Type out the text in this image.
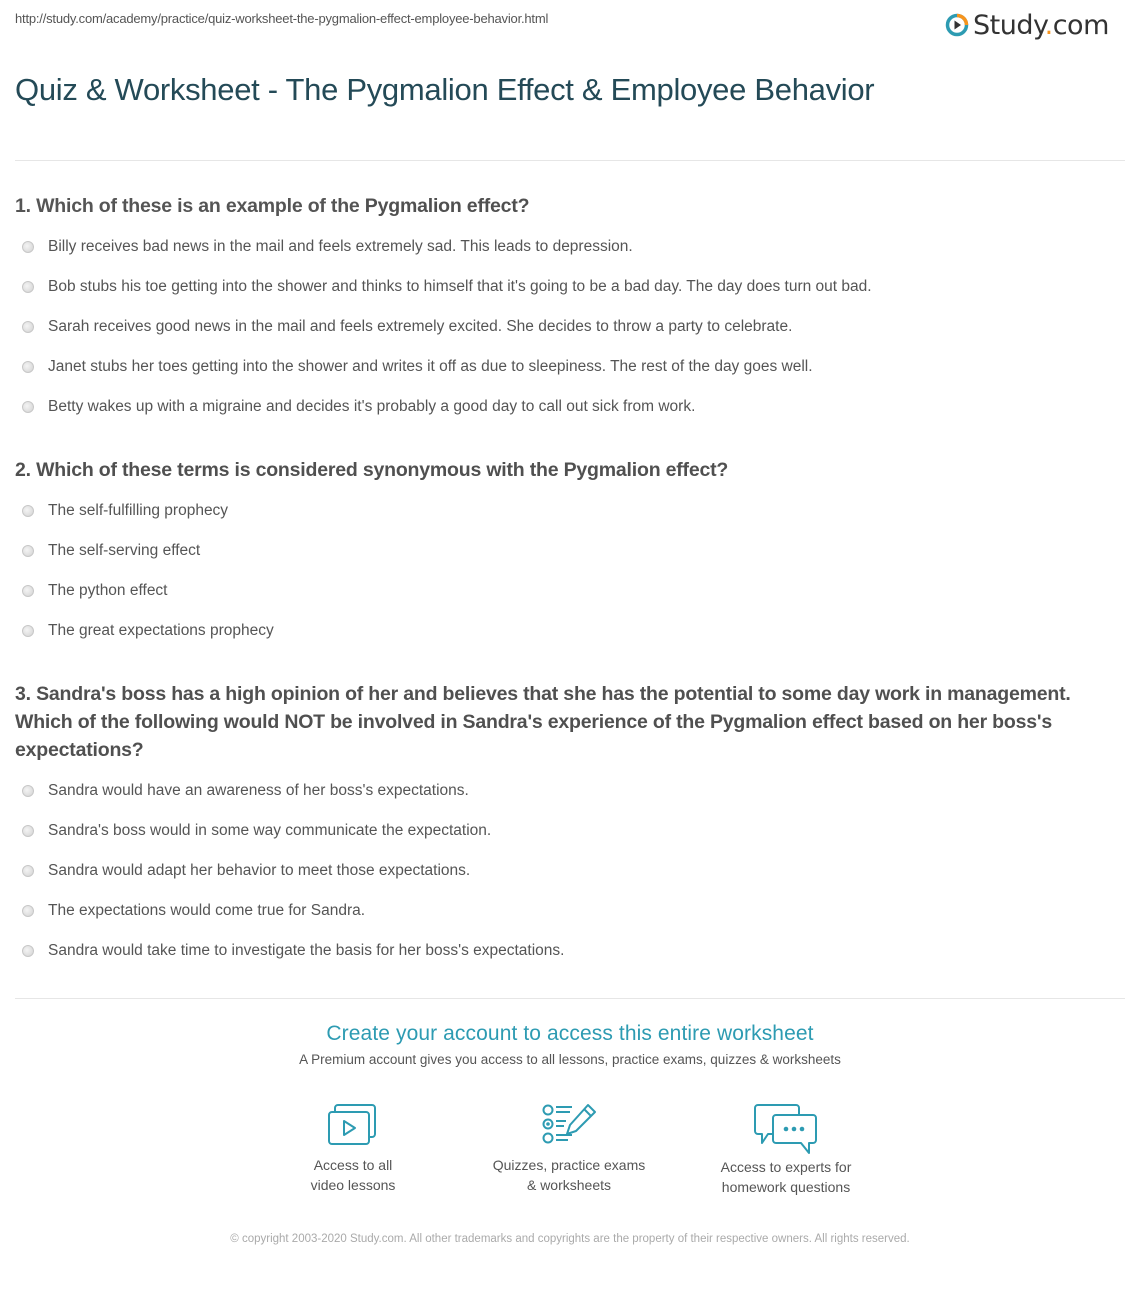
http://study.com/academy/practice/quiz-worksheet-the-pygmalion-effect-employee-behavior.html	Study.com
Quiz & Worksheet - The Pygmalion Effect & Employee Behavior
1. Which of these is an example of the Pygmalion effect?
Billy receives bad news in the mail and feels extremely sad. This leads to depression.
Bob stubs his toe getting into the shower and thinks to himself that it's going to be a bad day. The day does turn out bad.
Sarah receives good news in the mail and feels extremely excited. She decides to throw a party to celebrate.
Janet stubs her toes getting into the shower and writes it off as due to sleepiness. The rest of the day goes well.
Betty wakes up with a migraine and decides it's probably a good day to call out sick from work.
2. Which of these terms is considered synonymous with the Pygmalion effect?
The self-fulfilling prophecy
The self-serving effect
The python effect
The great expectations prophecy
3. Sandra's boss has a high opinion of her and believes that she has the potential to some day work in management. Which of the following would NOT be involved in Sandra's experience of the Pygmalion effect based on her boss's expectations?
Sandra would have an awareness of her boss's expectations.
Sandra's boss would in some way communicate the expectation.
Sandra would adapt her behavior to meet those expectations.
The expectations would come true for Sandra.
Sandra would take time to investigate the basis for her boss's expectations.
Create your account to access this entire worksheet
A Premium account gives you access to all lessons, practice exams, quizzes & worksheets
Access to all
video lessons
Quizzes, practice exams
& worksheets
Access to experts for
homework questions
© copyright 2003-2020 Study.com. All other trademarks and copyrights are the property of their respective owners. All rights reserved.
